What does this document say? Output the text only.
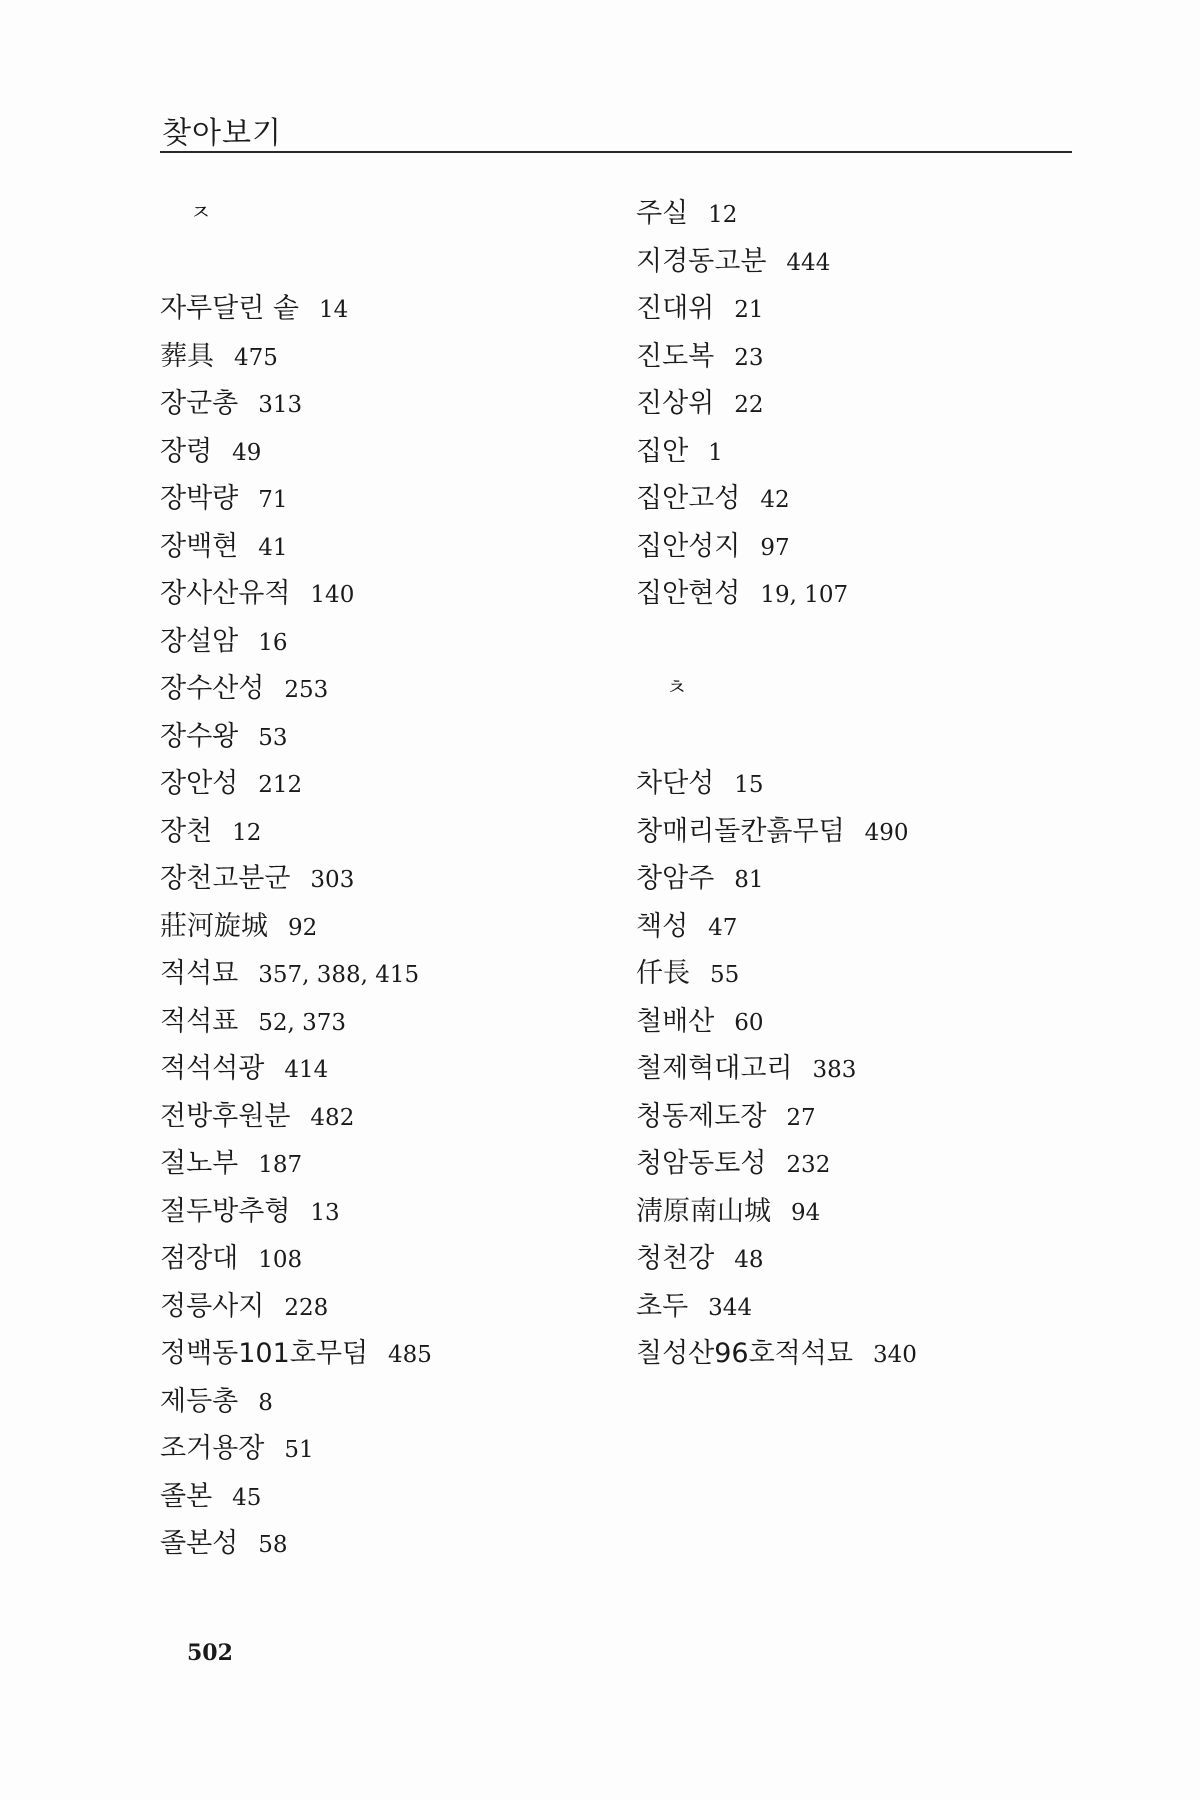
찾아보기
ㅈ
자루달린 솥 14
葬具 475
장군총 313
장령 49
장박량 71
장백현 41
장사산유적 140
장설암 16
장수산성 253
장수왕 53
장안성 212
장천 12
장천고분군 303
莊河旋城 92
적석묘 357, 388, 415
적석표 52, 373
적석석광 414
전방후원분 482
절노부 187
절두방추형 13
점장대 108
정릉사지 228
정백동101호무덤 485
제등총 8
조거용장 51
졸본 45
졸본성 58
주실 12
지경동고분 444
진대위 21
진도복 23
진상위 22
집안 1
집안고성 42
집안성지 97
집안현성 19, 107
ㅊ
차단성 15
창매리돌칸흙무덤 490
창암주 81
책성 47
仟長 55
철배산 60
철제혁대고리 383
청동제도장 27
청암동토성 232
淸原南山城 94
청천강 48
초두 344
칠성산96호적석묘 340
502
